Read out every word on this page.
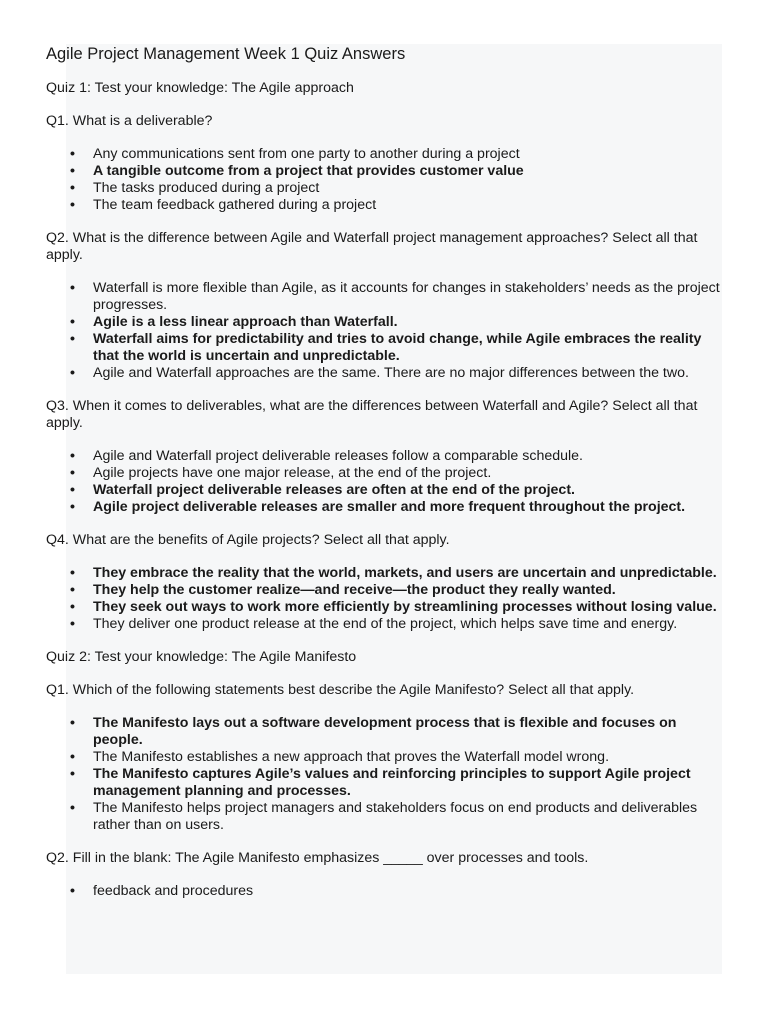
Agile Project Management Week 1 Quiz Answers
Quiz 1: Test your knowledge: The Agile approach
Q1. What is a deliverable?
• Any communications sent from one party to another during a project
• A tangible outcome from a project that provides customer value
• The tasks produced during a project
• The team feedback gathered during a project
Q2. What is the difference between Agile and Waterfall project management approaches? Select all that apply.
• Waterfall is more flexible than Agile, as it accounts for changes in stakeholders’ needs as the project progresses.
• Agile is a less linear approach than Waterfall.
• Waterfall aims for predictability and tries to avoid change, while Agile embraces the reality that the world is uncertain and unpredictable.
• Agile and Waterfall approaches are the same. There are no major differences between the two.
Q3. When it comes to deliverables, what are the differences between Waterfall and Agile? Select all that apply.
• Agile and Waterfall project deliverable releases follow a comparable schedule.
• Agile projects have one major release, at the end of the project.
• Waterfall project deliverable releases are often at the end of the project.
• Agile project deliverable releases are smaller and more frequent throughout the project.
Q4. What are the benefits of Agile projects? Select all that apply.
• They embrace the reality that the world, markets, and users are uncertain and unpredictable.
• They help the customer realize—and receive—the product they really wanted.
• They seek out ways to work more efficiently by streamlining processes without losing value.
• They deliver one product release at the end of the project, which helps save time and energy.
Quiz 2: Test your knowledge: The Agile Manifesto
Q1. Which of the following statements best describe the Agile Manifesto? Select all that apply.
• The Manifesto lays out a software development process that is flexible and focuses on people.
• The Manifesto establishes a new approach that proves the Waterfall model wrong.
• The Manifesto captures Agile’s values and reinforcing principles to support Agile project management planning and processes.
• The Manifesto helps project managers and stakeholders focus on end products and deliverables rather than on users.
Q2. Fill in the blank: The Agile Manifesto emphasizes _____ over processes and tools.
• feedback and procedures
